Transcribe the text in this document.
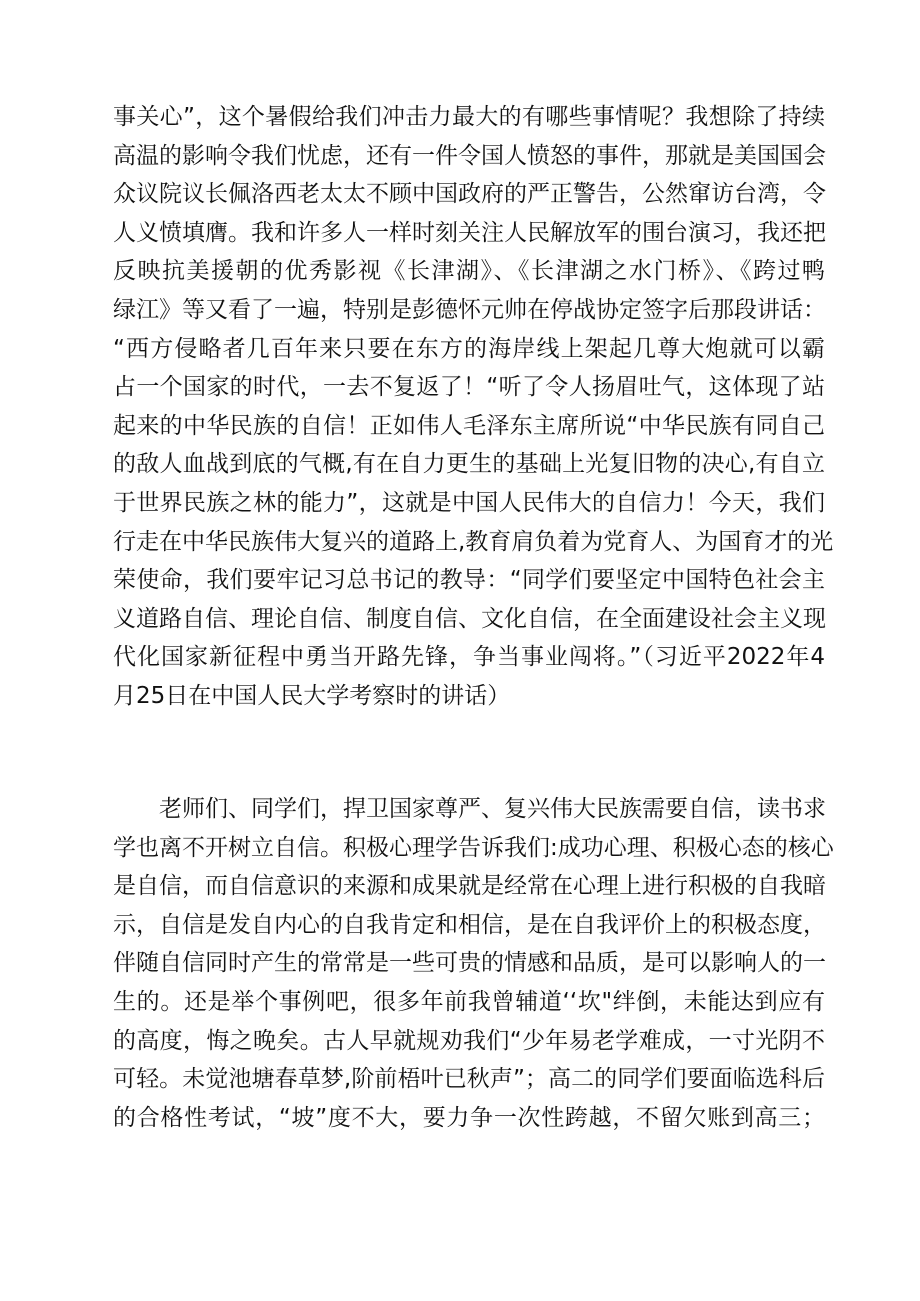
事关心”，这个暑假给我们冲击力最大的有哪些事情呢？我想除了持续
高温的影响令我们忧虑，还有一件令国人愤怒的事件，那就是美国国会
众议院议长佩洛西老太太不顾中国政府的严正警告，公然窜访台湾，令
人义愤填膺。我和许多人一样时刻关注人民解放军的围台演习，我还把
反映抗美援朝的优秀影视《长津湖》、《长津湖之水门桥》、《跨过鸭
绿江》等又看了一遍，特别是彭德怀元帅在停战协定签字后那段讲话：
“西方侵略者几百年来只要在东方的海岸线上架起几尊大炮就可以霸
占一个国家的时代，一去不复返了！“听了令人扬眉吐气，这体现了站
起来的中华民族的自信！正如伟人毛泽东主席所说“中华民族有同自己
的敌人血战到底的气概,有在自力更生的基础上光复旧物的决心,有自立
于世界民族之林的能力”，这就是中国人民伟大的自信力！今天，我们
行走在中华民族伟大复兴的道路上,教育肩负着为党育人、为国育才的光
荣使命，我们要牢记习总书记的教导：“同学们要坚定中国特色社会主
义道路自信、理论自信、制度自信、文化自信，在全面建设社会主义现
代化国家新征程中勇当开路先锋，争当事业闯将。”（习近平2022年4
月25日在中国人民大学考察时的讲话）
老师们、同学们，捍卫国家尊严、复兴伟大民族需要自信，读书求
学也离不开树立自信。积极心理学告诉我们:成功心理、积极心态的核心
是自信，而自信意识的来源和成果就是经常在心理上进行积极的自我暗
示，自信是发自内心的自我肯定和相信，是在自我评价上的积极态度，
伴随自信同时产生的常常是一些可贵的情感和品质，是可以影响人的一
生的。还是举个事例吧，很多年前我曾辅道‘‘坎"绊倒，未能达到应有
的高度，悔之晚矣。古人早就规劝我们“少年易老学难成，一寸光阴不
可轻。未觉池塘春草梦,阶前梧叶已秋声”；高二的同学们要面临选科后
的合格性考试，“坡”度不大，要力争一次性跨越，不留欠账到高三；
